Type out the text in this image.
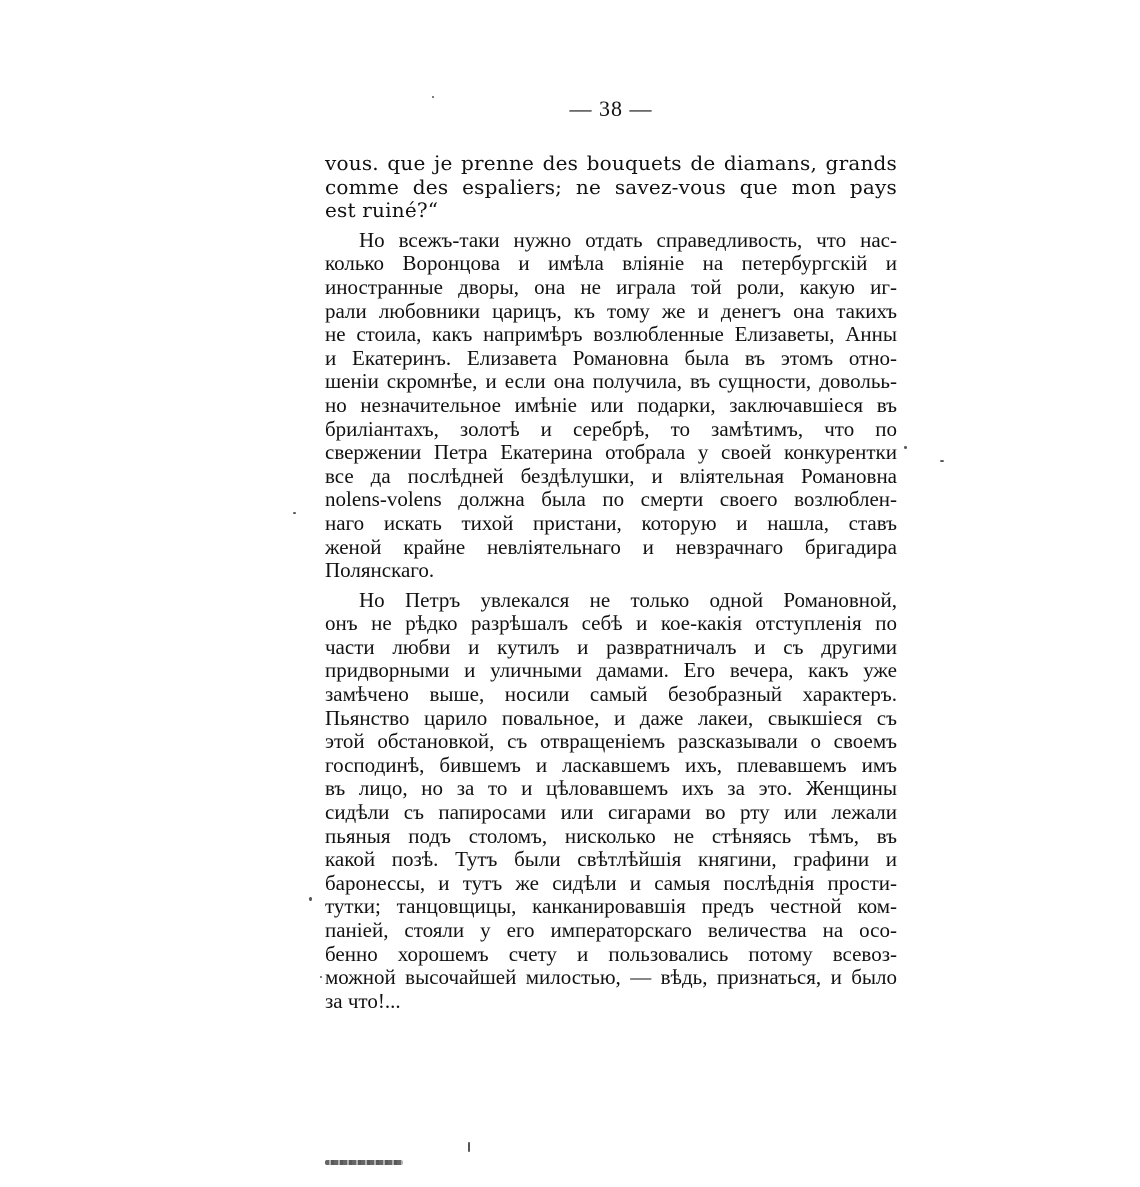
— 38 —
vous. que je prenne des bouquets de diamans, grands
comme des espaliers; ne savez-vous que mon pays
est ruiné?“
Но всежъ-таки нужно отдать справедливость, что нас-
колько Воронцова и имѣла вліяніе на петербургскій и
иностранные дворы, она не играла той роли, какую иг-
рали любовники царицъ, къ тому же и денегъ она такихъ
не стоила, какъ напримѣръ возлюбленные Елизаветы, Анны
и Екатеринъ. Елизавета Романовна была въ этомъ отно-
шеніи скромнѣе, и если она получила, въ сущности, довольь-
но незначительное имѣніе или подарки, заключавшіеся въ
бриліантахъ, золотѣ и серебрѣ, то замѣтимъ, что по
свержении Петра Екатерина отобрала у своей конкурентки
все да послѣдней бездѣлушки, и вліятельная Романовна
nolens-volens должна была по смерти своего возлюблен-
наго искать тихой пристани, которую и нашла, ставъ
женой крайне невліятельнаго и невзрачнаго бригадира
Полянскаго.
Но Петръ увлекался не только одной Романовной,
онъ не рѣдко разрѣшалъ себѣ и кое-какія отступленія по
части любви и кутилъ и развратничалъ и съ другими
придворными и уличными дамами. Его вечера, какъ уже
замѣчено выше, носили самый безобразный характеръ.
Пьянство царило повальное, и даже лакеи, свыкшіеся съ
этой обстановкой, съ отвращеніемъ разсказывали о своемъ
господинѣ, бившемъ и ласкавшемъ ихъ, плевавшемъ имъ
въ лицо, но за то и цѣловавшемъ ихъ за это. Женщины
сидѣли съ папиросами или сигарами во рту или лежали
пьяныя подъ столомъ, нисколько не стѣняясь тѣмъ, въ
какой позѣ. Тутъ были свѣтлѣйшія княгини, графини и
баронессы, и тутъ же сидѣли и самыя послѣднія прости-
тутки; танцовщицы, канканировавшія предъ честной ком-
паніей, стояли у его императорскаго величества на осо-
бенно хорошемъ счету и пользовались потому всевоз-
можной высочайшей милостью, — вѣдь, признаться, и было
за что!...
